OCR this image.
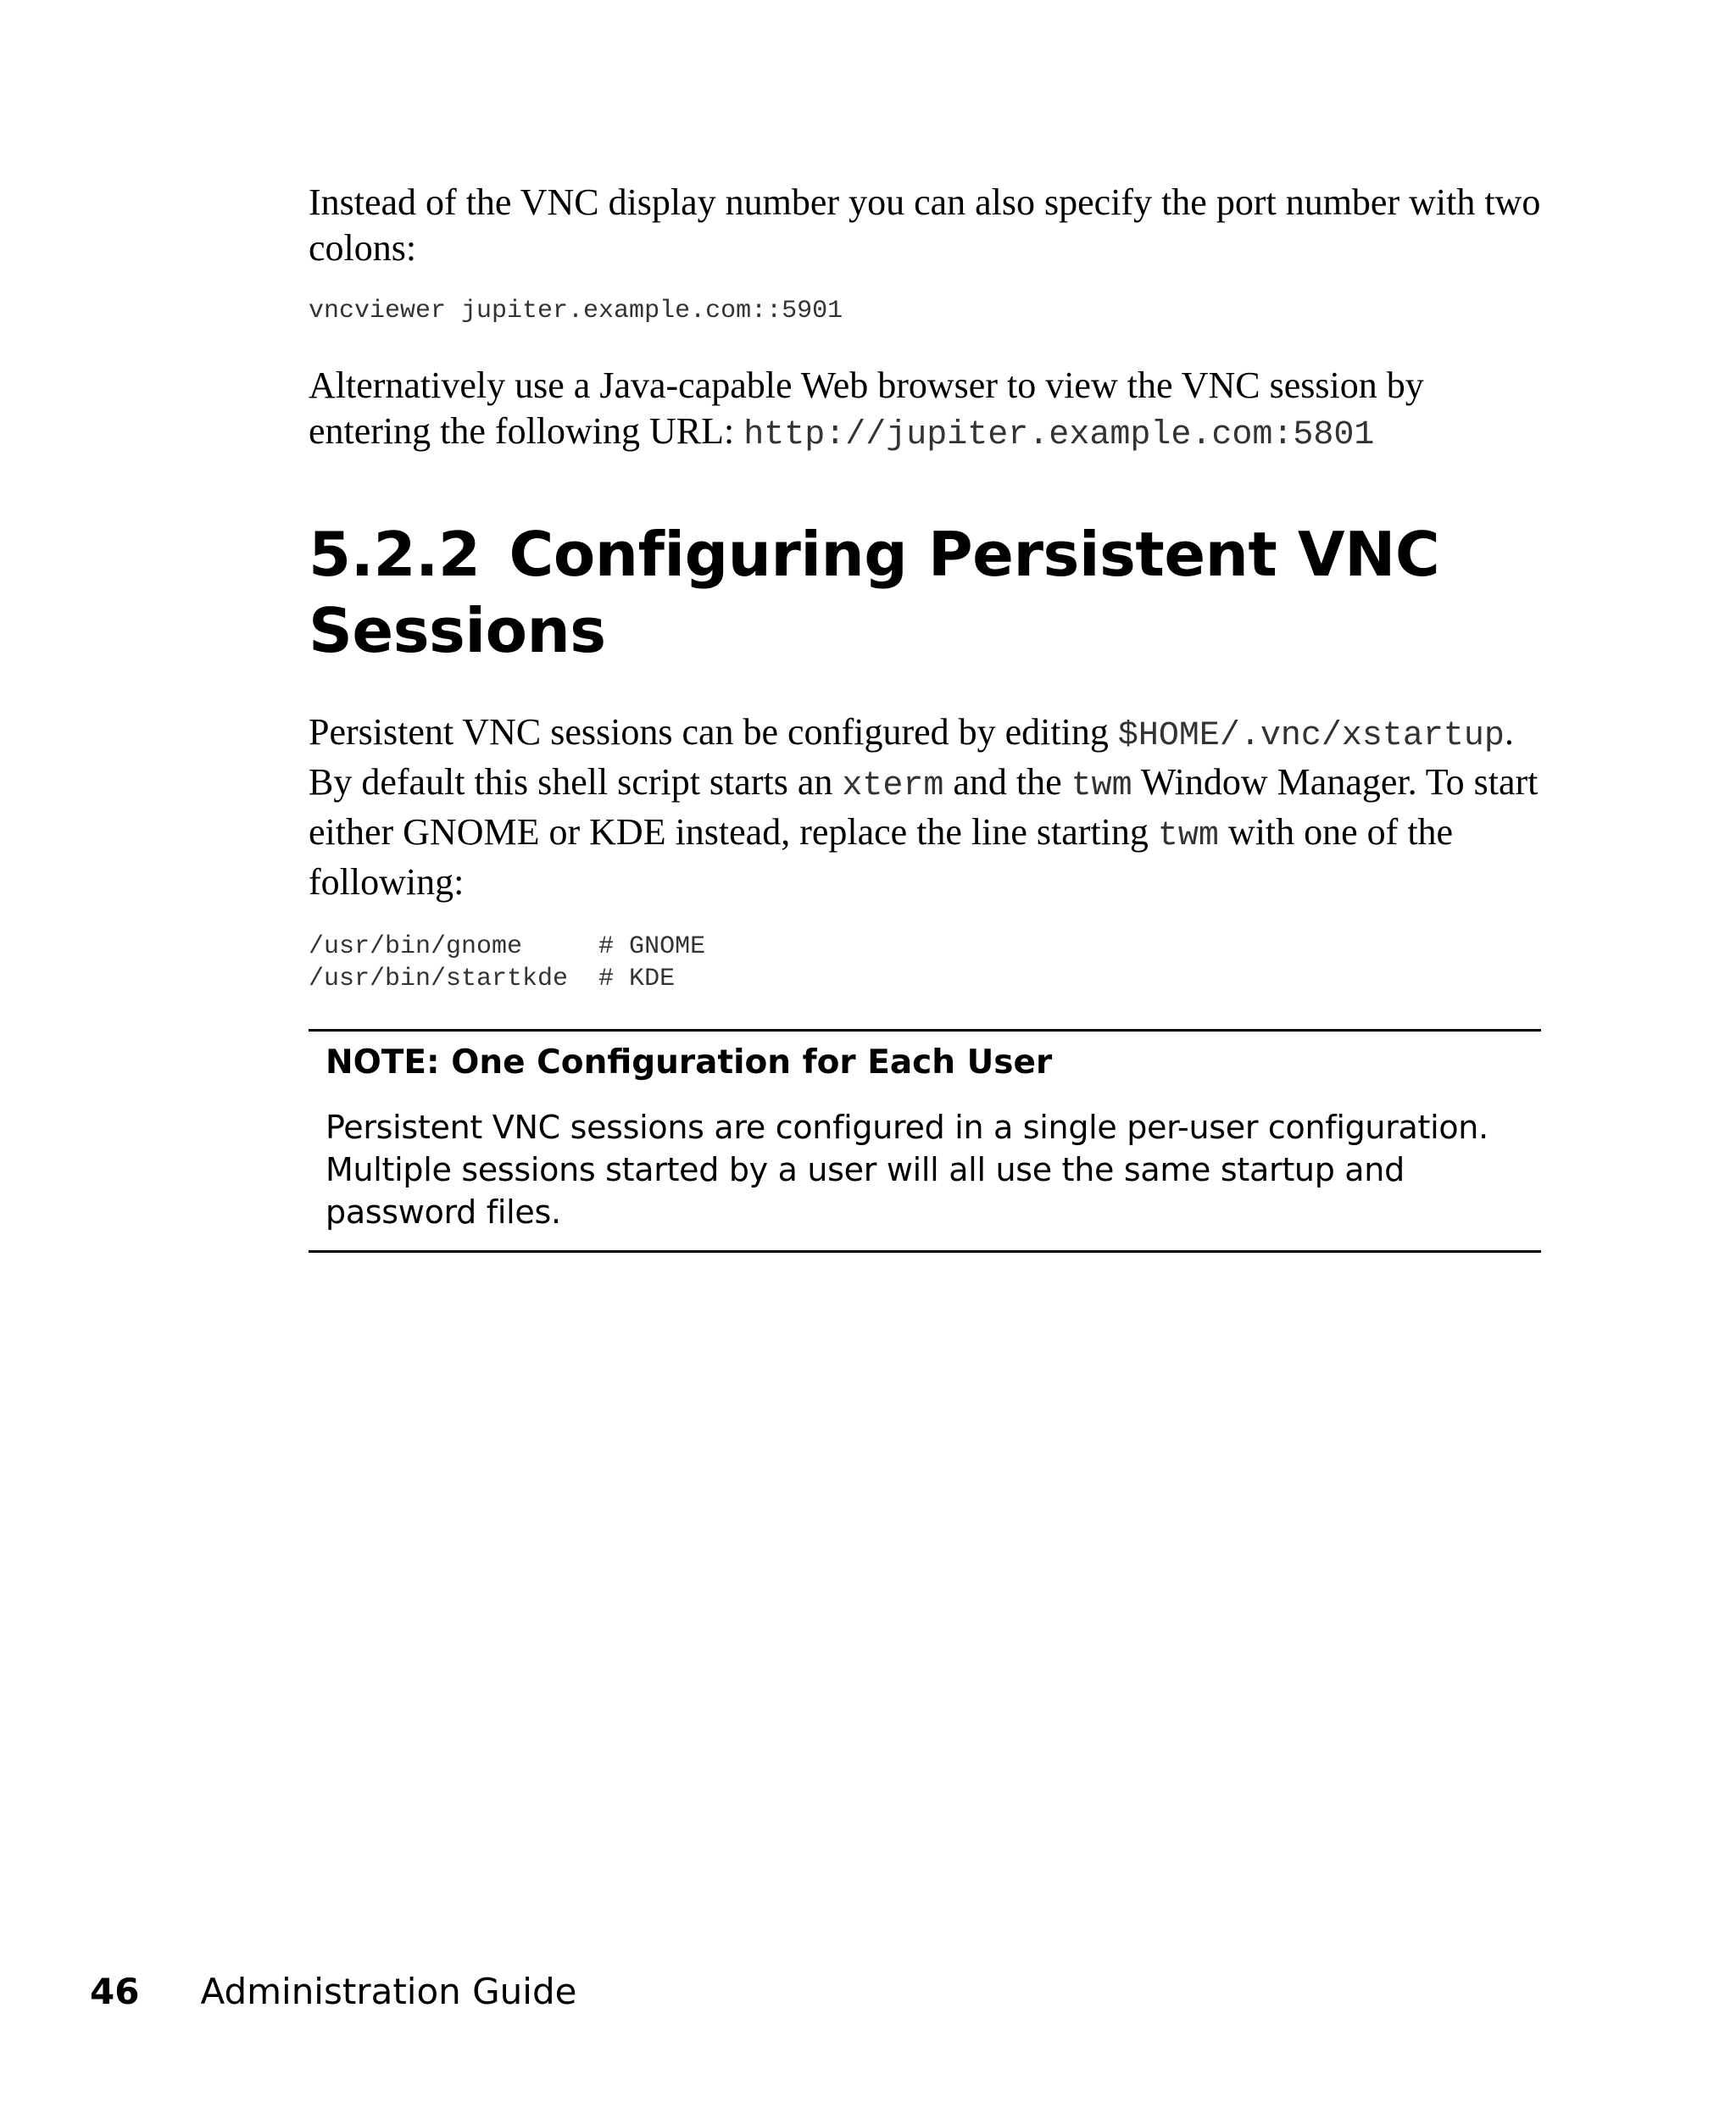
Instead of the VNC display number you can also specify the port number with two colons:

vncviewer jupiter.example.com::5901

Alternatively use a Java-capable Web browser to view the VNC session by entering the following URL: http://jupiter.example.com:5801

5.2.2 Configuring Persistent VNC Sessions

Persistent VNC sessions can be configured by editing $HOME/.vnc/xstartup. By default this shell script starts an xterm and the twm Window Manager. To start either GNOME or KDE instead, replace the line starting twm with one of the following:

/usr/bin/gnome     # GNOME
/usr/bin/startkde  # KDE

NOTE: One Configuration for Each User

Persistent VNC sessions are configured in a single per-user configuration. Multiple sessions started by a user will all use the same startup and password files.

46 Administration Guide
